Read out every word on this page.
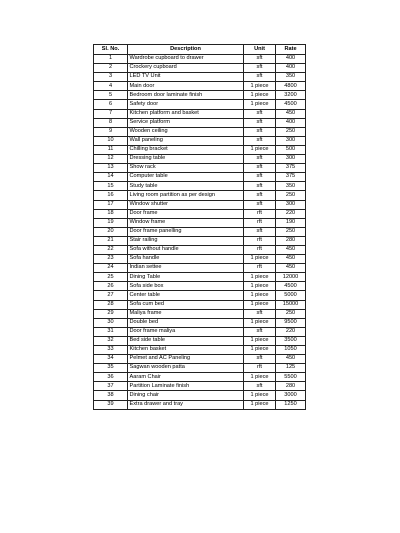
Sl. No.	Description	Unit	Rate
1	Wardrobe cupboard to drawer	sft	400
2	Crockery cupboard	sft	400
3	LED TV Unit	sft	350
4	Main door	1 piece	4800
5	Bedroom door laminate finish	1 piece	3200
6	Safety door	1 piece	4500
7	Kitchen platform and basket	sft	450
8	Service platform	sft	400
9	Wooden ceiling	sft	250
10	Wall paneling	sft	300
11	Chilling bracket	1 piece	500
12	Dressing table	sft	300
13	Show rack	sft	375
14	Computer table	sft	375
15	Study table	sft	350
16	Living room partition as per design	sft	250
17	Window shutter	sft	300
18	Door frame	rft	220
19	Window frame	rft	190
20	Door frame panelling	sft	250
21	Stair railing	rft	280
22	Sofa without handle	rft	450
23	Sofa handle	1 piece	450
24	Indian settee	rft	450
25	Dining Table	1 piece	12000
26	Sofa side box	1 piece	4500
27	Center table	1 piece	5000
28	Sofa cum bed	1 piece	15000
29	Maliya frame	sft	250
30	Double bed	1 piece	9500
31	Door frame maliya	sft	220
32	Bed side table	1 piece	3500
33	Kitchen basket	1 piece	1050
34	Pelmet and AC Paneling	sft	450
35	Sagwan wooden patta	rft	125
36	Aaram Chair	1 piece	5500
37	Partition Laminate finish	sft	280
38	Dining chair	1 piece	3000
39	Extra drawer and tray	1 piece	1250
